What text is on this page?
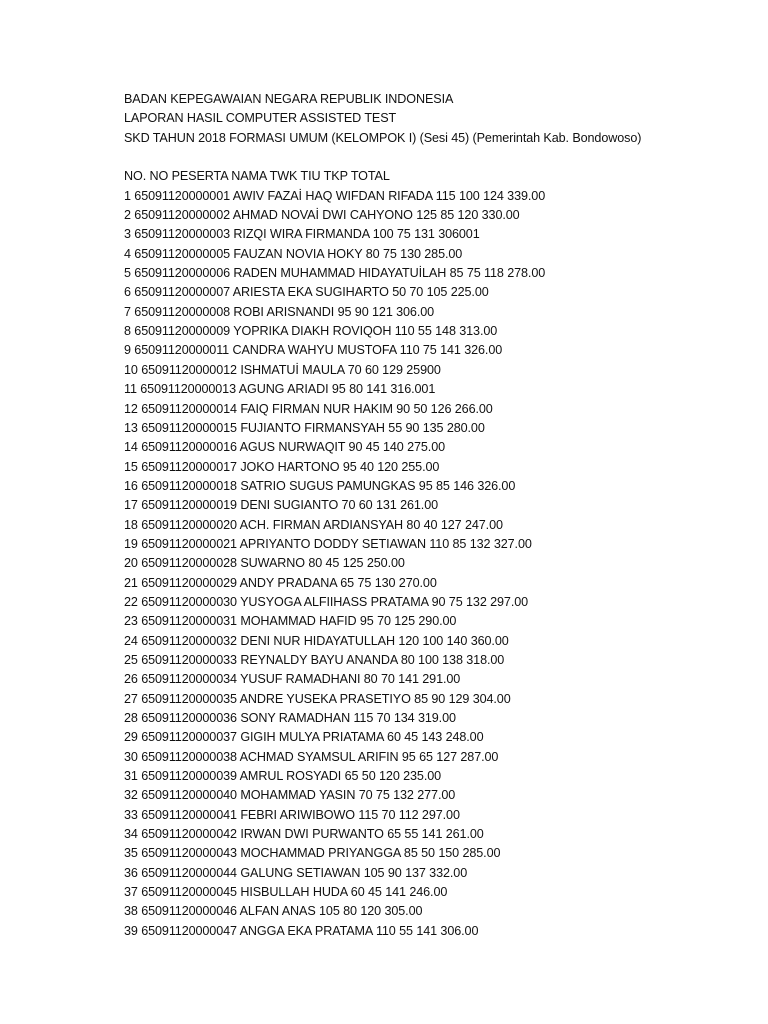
BADAN KEPEGAWAIAN NEGARA REPUBLIK INDONESIA
LAPORAN HASIL COMPUTER ASSISTED TEST
SKD TAHUN 2018 FORMASI UMUM (KELOMPOK I) (Sesi 45) (Pemerintah Kab. Bondowoso)
NO. NO PESERTA NAMA TWK TIU TKP TOTAL
1 65091120000001 AWIV FAZAİ HAQ WIFDAN RIFADA 115 100 124 339.00
2 65091120000002 AHMAD NOVAİ DWI CAHYONO 125 85 120 330.00
3 65091120000003 RIZQI WIRA FIRMANDA 100 75 131 306001
4 65091120000005 FAUZAN NOVIA HOKY 80 75 130 285.00
5 65091120000006 RADEN MUHAMMAD HIDAYATUİLAH 85 75 118 278.00
6 65091120000007 ARIESTA EKA SUGIHARTO 50 70 105 225.00
7 65091120000008 ROBI ARISNANDI 95 90 121 306.00
8 65091120000009 YOPRIKA DIAKH ROVIQOH 110 55 148 313.00
9 65091120000011 CANDRA WAHYU MUSTOFA 110 75 141 326.00
10 65091120000012 ISHMATUİ MAULA 70 60 129 25900
11 65091120000013 AGUNG ARIADI 95 80 141 316.001
12 65091120000014 FAIQ FIRMAN NUR HAKIM 90 50 126 266.00
13 65091120000015 FUJIANTO FIRMANSYAH 55 90 135 280.00
14 65091120000016 AGUS NURWAQIT 90 45 140 275.00
15 65091120000017 JOKO HARTONO 95 40 120 255.00
16 65091120000018 SATRIO SUGUS PAMUNGKAS 95 85 146 326.00
17 65091120000019 DENI SUGIANTO 70 60 131 261.00
18 65091120000020 ACH. FIRMAN ARDIANSYAH 80 40 127 247.00
19 65091120000021 APRIYANTO DODDY SETIAWAN 110 85 132 327.00
20 65091120000028 SUWARNO 80 45 125 250.00
21 65091120000029 ANDY PRADANA 65 75 130 270.00
22 65091120000030 YUSYOGA ALFIIHASS PRATAMA 90 75 132 297.00
23 65091120000031 MOHAMMAD HAFID 95 70 125 290.00
24 65091120000032 DENI NUR HIDAYATULLAH 120 100 140 360.00
25 65091120000033 REYNALDY BAYU ANANDA 80 100 138 318.00
26 65091120000034 YUSUF RAMADHANI 80 70 141 291.00
27 65091120000035 ANDRE YUSEKA PRASETIYO 85 90 129 304.00
28 65091120000036 SONY RAMADHAN 115 70 134 319.00
29 65091120000037 GIGIH MULYA PRIATAMA 60 45 143 248.00
30 65091120000038 ACHMAD SYAMSUL ARIFIN 95 65 127 287.00
31 65091120000039 AMRUL ROSYADI 65 50 120 235.00
32 65091120000040 MOHAMMAD YASIN 70 75 132 277.00
33 65091120000041 FEBRI ARIWIBOWO 115 70 112 297.00
34 65091120000042 IRWAN DWI PURWANTO 65 55 141 261.00
35 65091120000043 MOCHAMMAD PRIYANGGA 85 50 150 285.00
36 65091120000044 GALUNG SETIAWAN 105 90 137 332.00
37 65091120000045 HISBULLAH HUDA 60 45 141 246.00
38 65091120000046 ALFAN ANAS 105 80 120 305.00
39 65091120000047 ANGGA EKA PRATAMA 110 55 141 306.00
